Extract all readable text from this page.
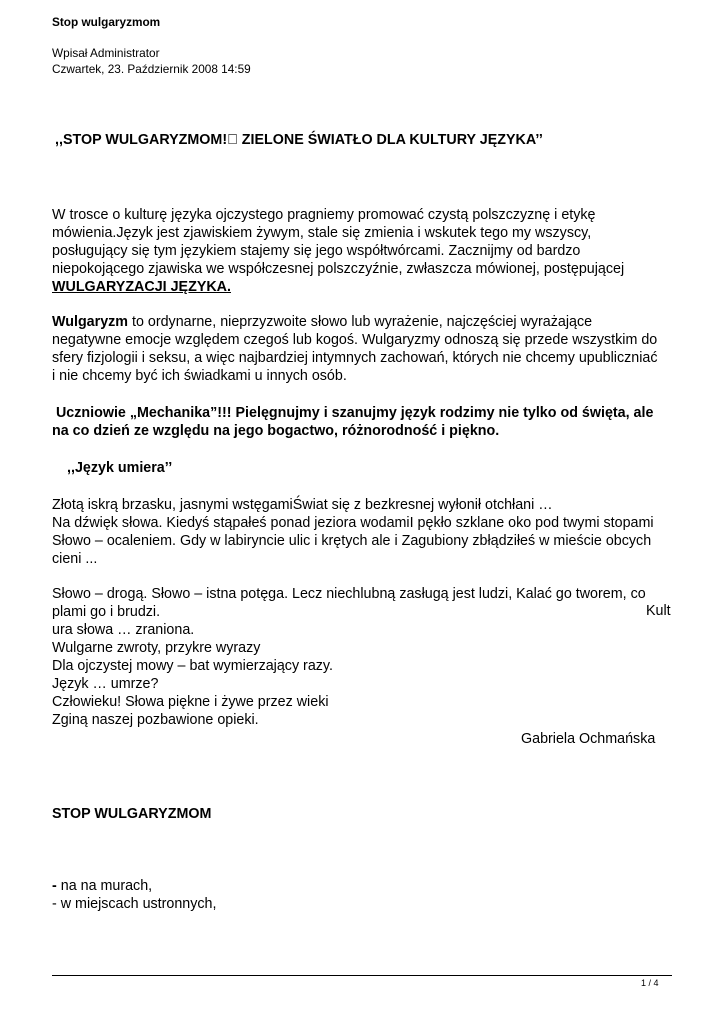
Stop wulgaryzmom
Wpisał Administrator
Czwartek, 23. Październik 2008 14:59
,,STOP WULGARYZMOM!  ZIELONE ŚWIATŁO DLA KULTURY JĘZYKA’’
W trosce o kulturę języka ojczystego pragniemy promować czystą polszczyznę i etykę
mówienia.Język jest zjawiskiem żywym, stale się zmienia i wskutek tego my wszyscy,
posługujący się tym językiem stajemy się jego współtwórcami. Zacznijmy od bardzo
niepokojącego zjawiska we współczesnej polszczyźnie, zwłaszcza mówionej, postępującej
WULGARYZACJI JĘZYKA.
Wulgaryzm to ordynarne, nieprzyzwoite słowo lub wyrażenie, najczęściej wyrażające
negatywne emocje względem czegoś lub kogoś. Wulgaryzmy odnoszą się przede wszystkim do
sfery fizjologii i seksu, a więc najbardziej intymnych zachowań, których nie chcemy upubliczniać
i nie chcemy być ich świadkami u innych osób.
Uczniowie „Mechanika”!!! Pielęgnujmy i szanujmy język rodzimy nie tylko od święta, ale
na co dzień ze względu na jego bogactwo, różnorodność i piękno.
,,Język umiera’’
Złotą iskrą brzasku, jasnymi wstęgamiŚwiat się z bezkresnej wyłonił otchłani …
Na dźwięk słowa. Kiedyś stąpałeś ponad jeziora wodamiI pękło szklane oko pod twymi stopami
Słowo – ocaleniem. Gdy w labiryncie ulic i krętych ale i Zagubiony zbłądziłeś w mieście obcych
cieni ...
Słowo – drogą. Słowo – istna potęga. Lecz niechlubną zasługą jest ludzi, Kalać go tworem, co
plami go i brudzi.
ura słowa … zraniona.
Wulgarne zwroty, przykre wyrazy
Dla ojczystej mowy – bat wymierzający razy.
Język … umrze?
Człowieku! Słowa piękne i żywe przez wieki
Zginą naszej pozbawione opieki.
Kult
Gabriela Ochmańska
STOP WULGARYZMOM
- na na murach,
- w miejscach ustronnych,
1 / 4
